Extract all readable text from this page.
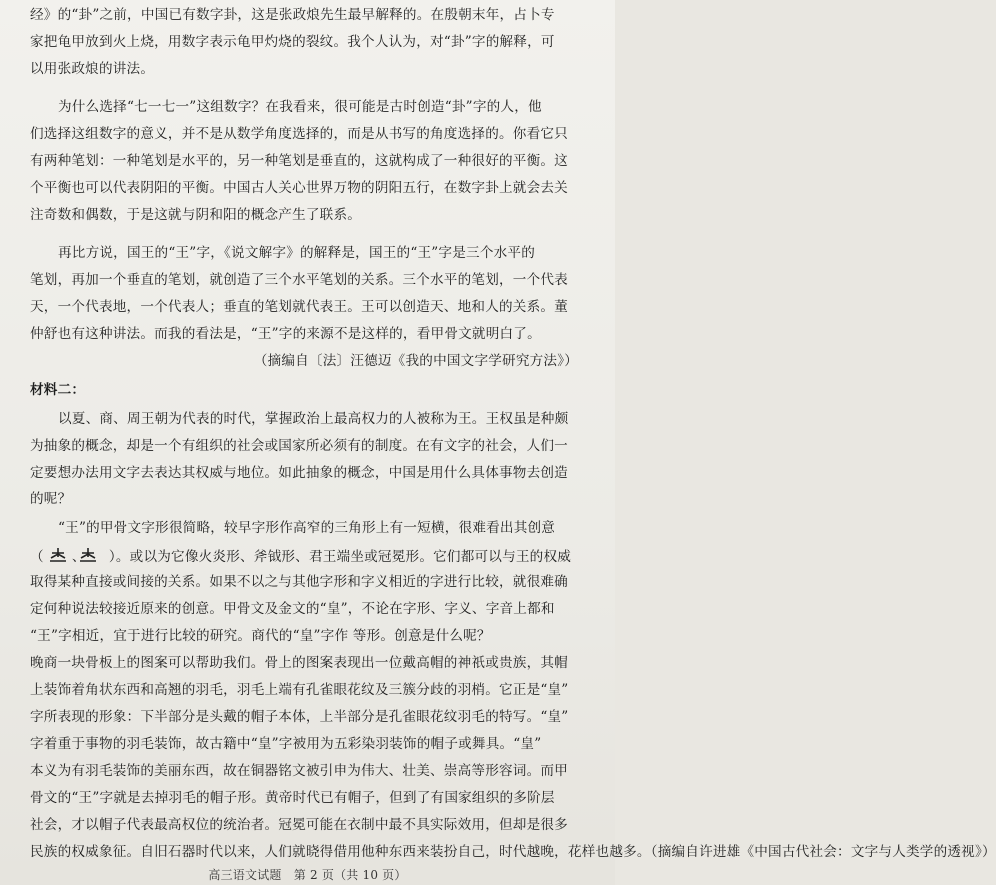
经》的“卦”之前，中国已有数字卦，这是张政烺先生最早解释的。在殷朝末年，占卜专
家把龟甲放到火上烧，用数字表示龟甲灼烧的裂纹。我个人认为，对“卦”字的解释，可
以用张政烺的讲法。
为什么选择“七一七一”这组数字？在我看来，很可能是古时创造“卦”字的人，他
们选择这组数字的意义，并不是从数学角度选择的，而是从书写的角度选择的。你看它只
有两种笔划：一种笔划是水平的，另一种笔划是垂直的，这就构成了一种很好的平衡。这
个平衡也可以代表阴阳的平衡。中国古人关心世界万物的阴阳五行，在数字卦上就会去关
注奇数和偶数，于是这就与阴和阳的概念产生了联系。
再比方说，国王的“王”字，《说文解字》的解释是，国王的“王”字是三个水平的
笔划，再加一个垂直的笔划，就创造了三个水平笔划的关系。三个水平的笔划，一个代表
天，一个代表地，一个代表人；垂直的笔划就代表王。王可以创造天、地和人的关系。董
仲舒也有这种讲法。而我的看法是，“王”字的来源不是这样的，看甲骨文就明白了。
（摘编自〔法〕汪德迈《我的中国文字学研究方法》）
材料二：
以夏、商、周王朝为代表的时代，掌握政治上最高权力的人被称为王。王权虽是种颇
为抽象的概念，却是一个有组织的社会或国家所必须有的制度。在有文字的社会，人们一
定要想办法用文字去表达其权威与地位。如此抽象的概念，中国是用什么具体事物去创造
的呢？
“王”的甲骨文字形很简略，较早字形作高窄的三角形上有一短横，很难看出其创意
（ 、 ）。或以为它像火炎形、斧钺形、君王端坐或冠冕形。它们都可以与王的权威
取得某种直接或间接的关系。如果不以之与其他字形和字义相近的字进行比较，就很难确
定何种说法较接近原来的创意。甲骨文及金文的“皇”，不论在字形、字义、字音上都和
“王”字相近，宜于进行比较的研究。商代的“皇”字作 等形。创意是什么呢？
晚商一块骨板上的图案可以帮助我们。骨上的图案表现出一位戴高帽的神祇或贵族，其帽
上装饰着角状东西和高翘的羽毛，羽毛上端有孔雀眼花纹及三簇分歧的羽梢。它正是“皇”
字所表现的形象：下半部分是头戴的帽子本体，上半部分是孔雀眼花纹羽毛的特写。“皇”
字着重于事物的羽毛装饰，故古籍中“皇”字被用为五彩染羽装饰的帽子或舞具。“皇”
本义为有羽毛装饰的美丽东西，故在铜器铭文被引申为伟大、壮美、崇高等形容词。而甲
骨文的“王”字就是去掉羽毛的帽子形。黄帝时代已有帽子，但到了有国家组织的多阶层
社会，才以帽子代表最高权位的统治者。冠冕可能在衣制中最不具实际效用，但却是很多
民族的权威象征。自旧石器时代以来，人们就晓得借用他种东西来装扮自己，时代越晚，花样也越多。（摘编自许进雄《中国古代社会：文字与人类学的透视》）
高三语文试题　第 2 页（共 10 页）
